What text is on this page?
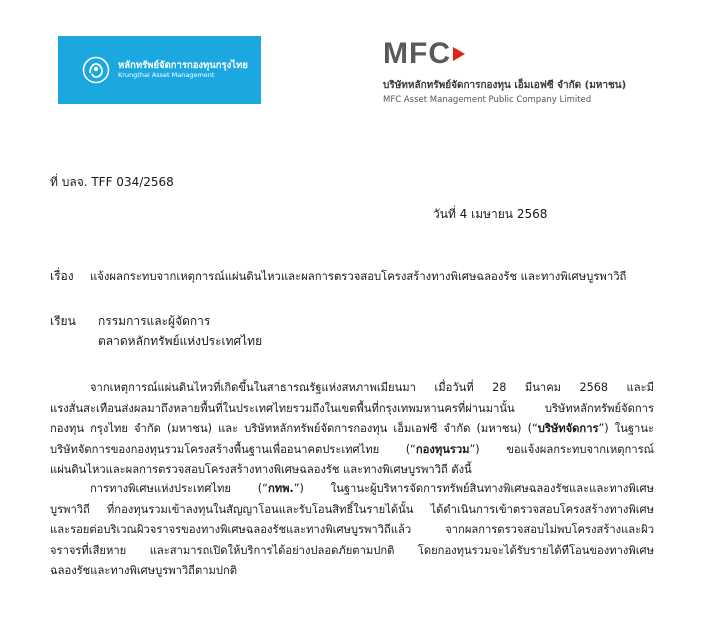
หลักทรัพย์จัดการกองทุนกรุงไทย
Krungthai Asset Management
MFC
บริษัทหลักทรัพย์จัดการกองทุน เอ็มเอฟซี จำกัด (มหาชน)
MFC Asset Management Public Company Limited
ที่ บลจ. TFF 034/2568
วันที่ 4 เมษายน 2568
เรื่อง แจ้งผลกระทบจากเหตุการณ์แผ่นดินไหวและผลการตรวจสอบโครงสร้างทางพิเศษฉลองรัช และทางพิเศษบูรพาวิถี
เรียน กรรมการและผู้จัดการ
ตลาดหลักทรัพย์แห่งประเทศไทย
จากเหตุการณ์แผ่นดินไหวที่เกิดขึ้นในสาธารณรัฐแห่งสหภาพเมียนมา เมื่อวันที่ 28 มีนาคม 2568 และมี
แรงสั่นสะเทือนส่งผลมาถึงหลายพื้นที่ในประเทศไทยรวมถึงในเขตพื้นที่กรุงเทพมหานครที่ผ่านมานั้น บริษัทหลักทรัพย์จัดการ
กองทุน กรุงไทย จำกัด (มหาชน) และ บริษัทหลักทรัพย์จัดการกองทุน เอ็มเอฟซี จำกัด (มหาชน) (“บริษัทจัดการ”) ในฐานะ
บริษัทจัดการของกองทุนรวมโครงสร้างพื้นฐานเพื่ออนาคตประเทศไทย (“กองทุนรวม”) ขอแจ้งผลกระทบจากเหตุการณ์
แผ่นดินไหวและผลการตรวจสอบโครงสร้างทางพิเศษฉลองรัช และทางพิเศษบูรพาวิถี ดังนี้
การทางพิเศษแห่งประเทศไทย (“กทพ.”) ในฐานะผู้บริหารจัดการทรัพย์สินทางพิเศษฉลองรัชและและทางพิเศษ
บูรพาวิถี ที่กองทุนรวมเข้าลงทุนในสัญญาโอนและรับโอนสิทธิ์ในรายได้นั้น ได้ดำเนินการเข้าตรวจสอบโครงสร้างทางพิเศษ
และรอยต่อบริเวณผิวจราจรของทางพิเศษฉลองรัชและทางพิเศษบูรพาวิถีแล้ว จากผลการตรวจสอบไม่พบโครงสร้างและผิว
จราจรที่เสียหาย และสามารถเปิดให้บริการได้อย่างปลอดภัยตามปกติ โดยกองทุนรวมจะได้รับรายได้ทีโอนของทางพิเศษ
ฉลองรัชและทางพิเศษบูรพาวิถีตามปกติ
